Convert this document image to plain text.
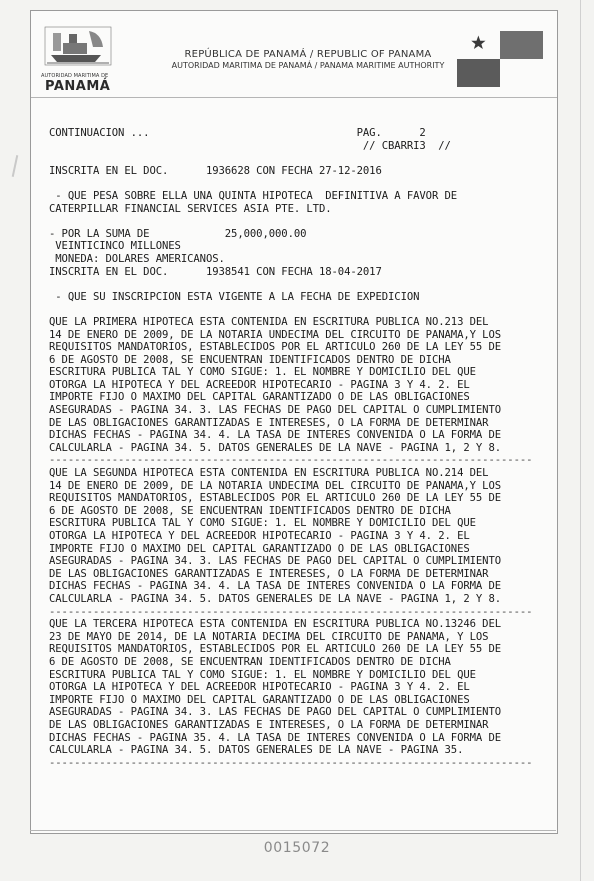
AUTORIDAD MARITIMA DE
PANAMÁ
REPÚBLICA DE PANAMÁ / REPUBLIC OF PANAMA
AUTORIDAD MARITIMA DE PANAMÁ / PANAMA MARITIME AUTHORITY
CONTINUACION ...                                 PAG.      2
// CBARRI3  //
INSCRITA EN EL DOC.      1936628 CON FECHA 27-12-2016
- QUE PESA SOBRE ELLA UNA QUINTA HIPOTECA  DEFINITIVA A FAVOR DE
CATERPILLAR FINANCIAL SERVICES ASIA PTE. LTD.
- POR LA SUMA DE            25,000,000.00
VEINTICINCO MILLONES
MONEDA: DOLARES AMERICANOS.
INSCRITA EN EL DOC.      1938541 CON FECHA 18-04-2017
- QUE SU INSCRIPCION ESTA VIGENTE A LA FECHA DE EXPEDICION
QUE LA PRIMERA HIPOTECA ESTA CONTENIDA EN ESCRITURA PUBLICA NO.213 DEL
14 DE ENERO DE 2009, DE LA NOTARIA UNDECIMA DEL CIRCUITO DE PANAMA,Y LOS
REQUISITOS MANDATORIOS, ESTABLECIDOS POR EL ARTICULO 260 DE LA LEY 55 DE
6 DE AGOSTO DE 2008, SE ENCUENTRAN IDENTIFICADOS DENTRO DE DICHA
ESCRITURA PUBLICA TAL Y COMO SIGUE: 1. EL NOMBRE Y DOMICILIO DEL QUE
OTORGA LA HIPOTECA Y DEL ACREEDOR HIPOTECARIO - PAGINA 3 Y 4. 2. EL
IMPORTE FIJO O MAXIMO DEL CAPITAL GARANTIZADO O DE LAS OBLIGACIONES
ASEGURADAS - PAGINA 34. 3. LAS FECHAS DE PAGO DEL CAPITAL O CUMPLIMIENTO
DE LAS OBLIGACIONES GARANTIZADAS E INTERESES, O LA FORMA DE DETERMINAR
DICHAS FECHAS - PAGINA 34. 4. LA TASA DE INTERES CONVENIDA O LA FORMA DE
CALCULARLA - PAGINA 34. 5. DATOS GENERALES DE LA NAVE - PAGINA 1, 2 Y 8.
-----------------------------------------------------------------------------
QUE LA SEGUNDA HIPOTECA ESTA CONTENIDA EN ESCRITURA PUBLICA NO.214 DEL
14 DE ENERO DE 2009, DE LA NOTARIA UNDECIMA DEL CIRCUITO DE PANAMA,Y LOS
REQUISITOS MANDATORIOS, ESTABLECIDOS POR EL ARTICULO 260 DE LA LEY 55 DE
6 DE AGOSTO DE 2008, SE ENCUENTRAN IDENTIFICADOS DENTRO DE DICHA
ESCRITURA PUBLICA TAL Y COMO SIGUE: 1. EL NOMBRE Y DOMICILIO DEL QUE
OTORGA LA HIPOTECA Y DEL ACREEDOR HIPOTECARIO - PAGINA 3 Y 4. 2. EL
IMPORTE FIJO O MAXIMO DEL CAPITAL GARANTIZADO O DE LAS OBLIGACIONES
ASEGURADAS - PAGINA 34. 3. LAS FECHAS DE PAGO DEL CAPITAL O CUMPLIMIENTO
DE LAS OBLIGACIONES GARANTIZADAS E INTERESES, O LA FORMA DE DETERMINAR
DICHAS FECHAS - PAGINA 34. 4. LA TASA DE INTERES CONVENIDA O LA FORMA DE
CALCULARLA - PAGINA 34. 5. DATOS GENERALES DE LA NAVE - PAGINA 1, 2 Y 8.
-----------------------------------------------------------------------------
QUE LA TERCERA HIPOTECA ESTA CONTENIDA EN ESCRITURA PUBLICA NO.13246 DEL
23 DE MAYO DE 2014, DE LA NOTARIA DECIMA DEL CIRCUITO DE PANAMA, Y LOS
REQUISITOS MANDATORIOS, ESTABLECIDOS POR EL ARTICULO 260 DE LA LEY 55 DE
6 DE AGOSTO DE 2008, SE ENCUENTRAN IDENTIFICADOS DENTRO DE DICHA
ESCRITURA PUBLICA TAL Y COMO SIGUE: 1. EL NOMBRE Y DOMICILIO DEL QUE
OTORGA LA HIPOTECA Y DEL ACREEDOR HIPOTECARIO - PAGINA 3 Y 4. 2. EL
IMPORTE FIJO O MAXIMO DEL CAPITAL GARANTIZADO O DE LAS OBLIGACIONES
ASEGURADAS - PAGINA 34. 3. LAS FECHAS DE PAGO DEL CAPITAL O CUMPLIMIENTO
DE LAS OBLIGACIONES GARANTIZADAS E INTERESES, O LA FORMA DE DETERMINAR
DICHAS FECHAS - PAGINA 35. 4. LA TASA DE INTERES CONVENIDA O LA FORMA DE
CALCULARLA - PAGINA 34. 5. DATOS GENERALES DE LA NAVE - PAGINA 35.
-----------------------------------------------------------------------------
0015072
